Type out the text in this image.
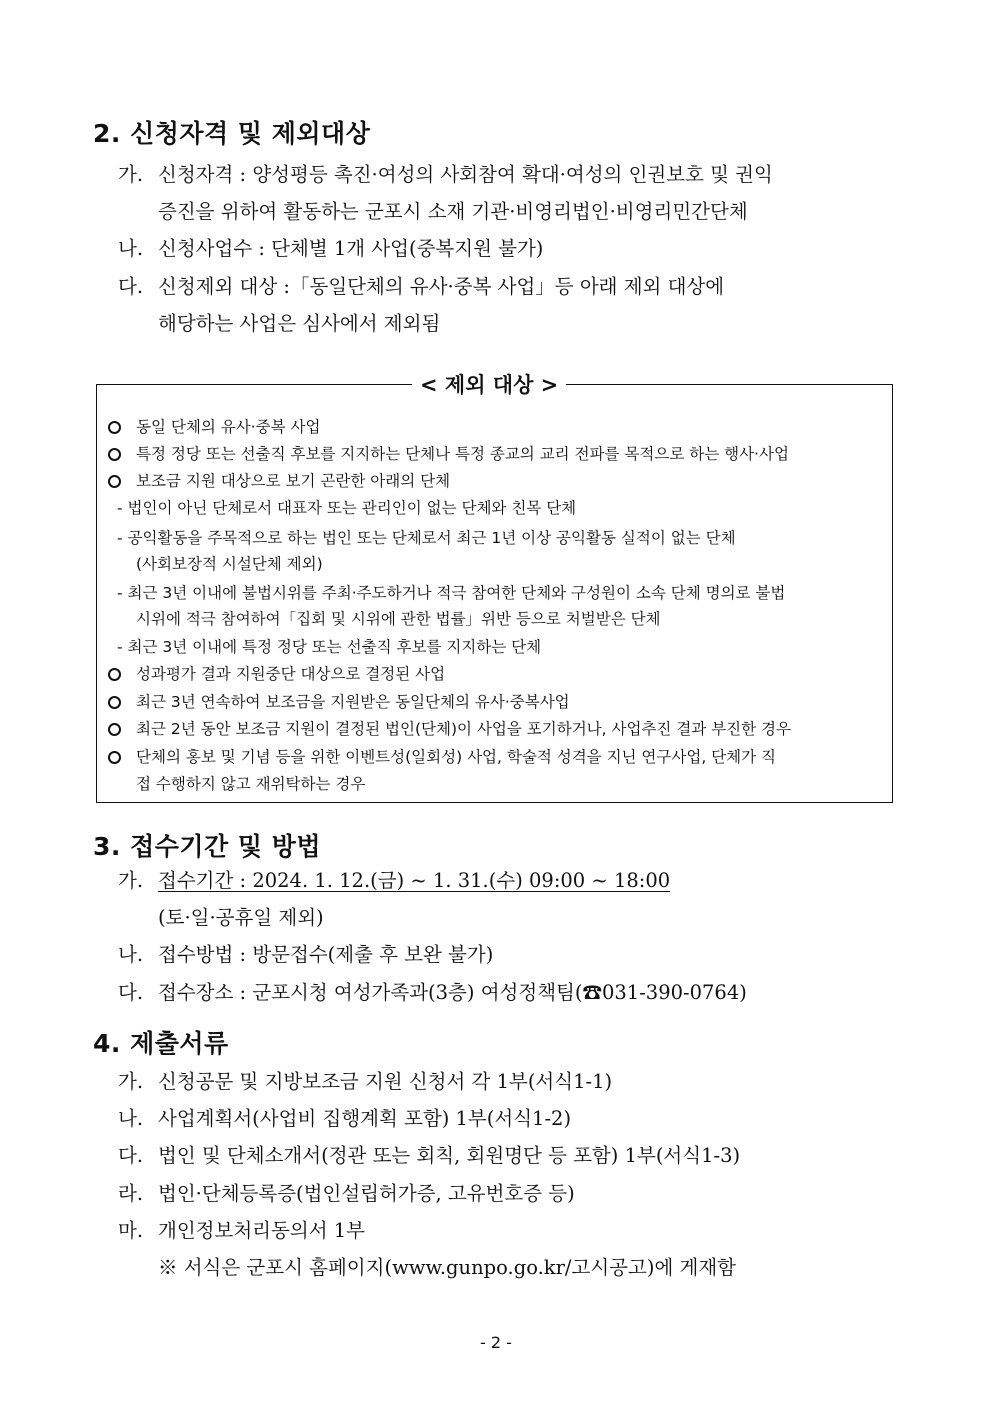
2. 신청자격 및 제외대상
가. 신청자격 : 양성평등 촉진·여성의 사회참여 확대·여성의 인권보호 및 권익
증진을 위하여 활동하는 군포시 소재 기관·비영리법인·비영리민간단체
나. 신청사업수 : 단체별 1개 사업(중복지원 불가)
다. 신청제외 대상 :「동일단체의 유사·중복 사업」등 아래 제외 대상에
해당하는 사업은 심사에서 제외됨
< 제외 대상 >
동일 단체의 유사·중복 사업
특정 정당 또는 선출직 후보를 지지하는 단체나 특정 종교의 교리 전파를 목적으로 하는 행사·사업
보조금 지원 대상으로 보기 곤란한 아래의 단체
- 법인이 아닌 단체로서 대표자 또는 관리인이 없는 단체와 친목 단체
- 공익활동을 주목적으로 하는 법인 또는 단체로서 최근 1년 이상 공익활동 실적이 없는 단체
(사회보장적 시설단체 제외)
- 최근 3년 이내에 불법시위를 주최·주도하거나 적극 참여한 단체와 구성원이 소속 단체 명의로 불법
시위에 적극 참여하여「집회 및 시위에 관한 법률」위반 등으로 처벌받은 단체
- 최근 3년 이내에 특정 정당 또는 선출직 후보를 지지하는 단체
성과평가 결과 지원중단 대상으로 결정된 사업
최근 3년 연속하여 보조금을 지원받은 동일단체의 유사·중복사업
최근 2년 동안 보조금 지원이 결정된 법인(단체)이 사업을 포기하거나, 사업추진 결과 부진한 경우
단체의 홍보 및 기념 등을 위한 이벤트성(일회성) 사업, 학술적 성격을 지닌 연구사업, 단체가 직
접 수행하지 않고 재위탁하는 경우
3. 접수기간 및 방법
가. 접수기간 : 2024. 1. 12.(금) ~ 1. 31.(수) 09:00 ~ 18:00
(토·일·공휴일 제외)
나. 접수방법 : 방문접수(제출 후 보완 불가)
다. 접수장소 : 군포시청 여성가족과(3층) 여성정책팀(☎031-390-0764)
4. 제출서류
가. 신청공문 및 지방보조금 지원 신청서 각 1부(서식1-1)
나. 사업계획서(사업비 집행계획 포함) 1부(서식1-2)
다. 법인 및 단체소개서(정관 또는 회칙, 회원명단 등 포함) 1부(서식1-3)
라. 법인·단체등록증(법인설립허가증, 고유번호증 등)
마. 개인정보처리동의서 1부
※ 서식은 군포시 홈페이지(www.gunpo.go.kr/고시공고)에 게재함
- 2 -
